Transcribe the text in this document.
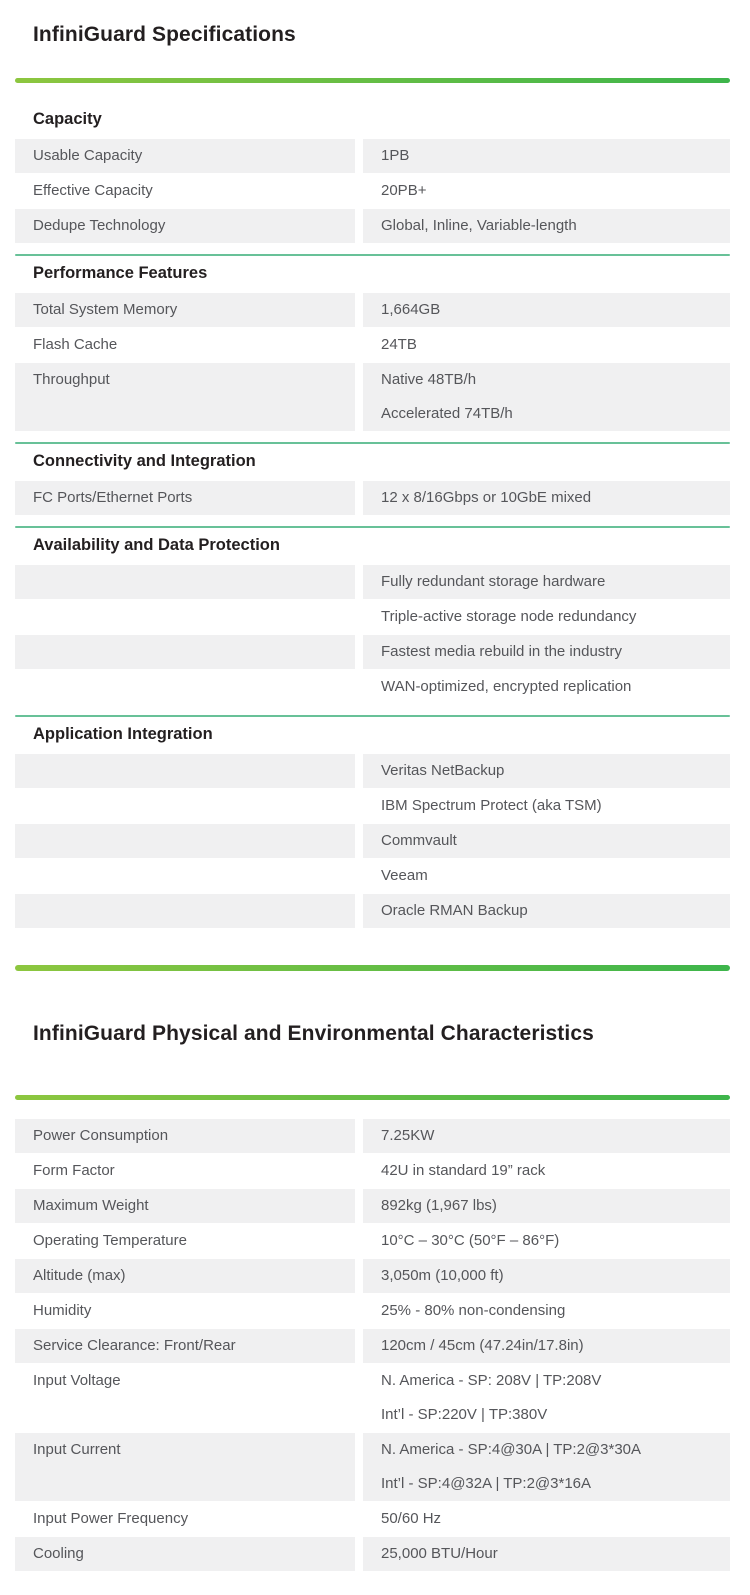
InfiniGuard Specifications
Capacity
Usable Capacity	1PB
Effective Capacity	20PB+
Dedupe Technology	Global, Inline, Variable-length
Performance Features
Total System Memory	1,664GB
Flash Cache	24TB
Throughput	Native 48TB/h
Accelerated 74TB/h
Connectivity and Integration
FC Ports/Ethernet Ports	12 x 8/16Gbps or 10GbE mixed
Availability and Data Protection
Fully redundant storage hardware
Triple-active storage node redundancy
Fastest media rebuild in the industry
WAN-optimized, encrypted replication
Application Integration
Veritas NetBackup
IBM Spectrum Protect (aka TSM)
Commvault
Veeam
Oracle RMAN Backup
InfiniGuard Physical and Environmental Characteristics
Power Consumption	7.25KW
Form Factor	42U in standard 19” rack
Maximum Weight	892kg (1,967 lbs)
Operating Temperature	10°C – 30°C (50°F – 86°F)
Altitude (max)	3,050m (10,000 ft)
Humidity	25% - 80% non-condensing
Service Clearance: Front/Rear	120cm / 45cm (47.24in/17.8in)
Input Voltage	N. America - SP: 208V | TP:208V
Int’l - SP:220V | TP:380V
Input Current	N. America - SP:4@30A | TP:2@3*30A
Int’l - SP:4@32A | TP:2@3*16A
Input Power Frequency	50/60 Hz
Cooling	25,000 BTU/Hour
